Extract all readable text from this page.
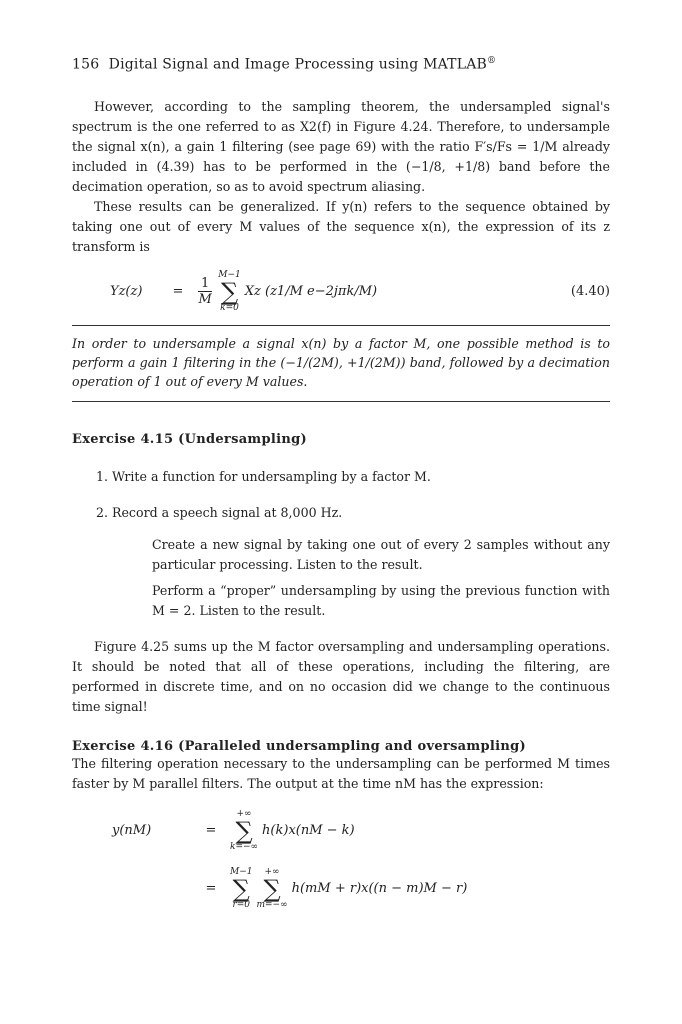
156 Digital Signal and Image Processing using MATLAB®

However, according to the sampling theorem, the undersampled signal's spectrum is the one referred to as X2(f) in Figure 4.24. Therefore, to undersample the signal x(n), a gain 1 filtering (see page 69) with the ratio F′s/Fs = 1/M already included in (4.39) has to be performed in the (−1/8, +1/8) band before the decimation operation, so as to avoid spectrum aliasing.

These results can be generalized. If y(n) refers to the sequence obtained by taking one out of every M values of the sequence x(n), the expression of its z transform is

Yz(z)	=	$\frac{1}{M}$
M−1
∑
k=0
Xz (z1/M e−2jπk/M)	(4.40)

In order to undersample a signal x(n) by a factor M, one possible method is to perform a gain 1 filtering in the (−1/(2M), +1/(2M)) band, followed by a decimation operation of 1 out of every M values.

Exercise 4.15 (Undersampling)
1. Write a function for undersampling by a factor M.
2. Record a speech signal at 8,000 Hz.

Create a new signal by taking one out of every 2 samples without any particular processing. Listen to the result.

Perform a “proper” undersampling by using the previous function with M = 2. Listen to the result.

Figure 4.25 sums up the M factor oversampling and undersampling operations. It should be noted that all of these operations, including the filtering, are performed in discrete time, and on no occasion did we change to the continuous time signal!

Exercise 4.16 (Paralleled undersampling and oversampling)

The filtering operation necessary to the undersampling can be performed M times faster by M parallel filters. The output at the time nM has the expression:

y(nM)	=
+∞
∑
k=−∞
h(k)x(nM − k)
=
M−1
∑
r=0
+∞
∑
m=−∞
h(mM + r)x((n − m)M − r)
